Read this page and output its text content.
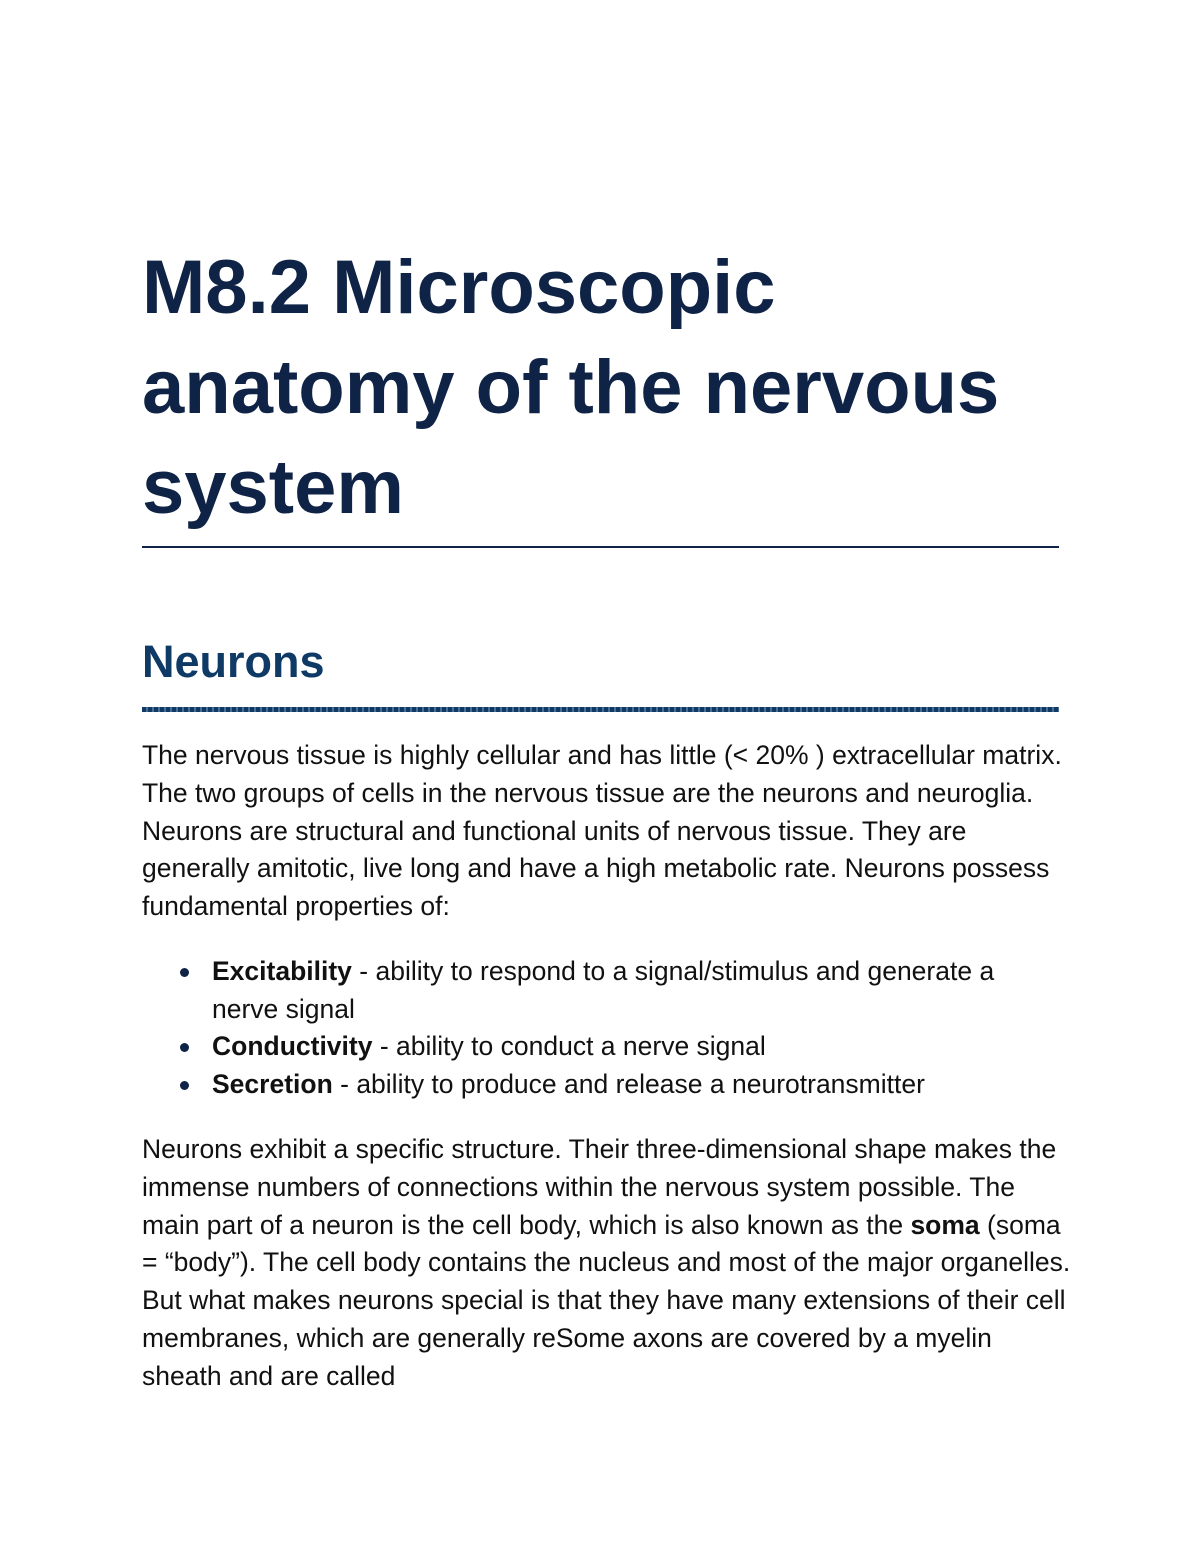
M8.2 Microscopic
anatomy of the nervous
system
Neurons

The nervous tissue is highly cellular and has little (< 20% ) extracellular matrix. The two groups of cells in the nervous tissue are the neurons and neuroglia. Neurons are structural and functional units of nervous tissue. They are generally amitotic, live long and have a high metabolic rate. Neurons possess fundamental properties of:

Excitability - ability to respond to a signal/stimulus and generate a nerve signal
Conductivity - ability to conduct a nerve signal
Secretion - ability to produce and release a neurotransmitter

Neurons exhibit a specific structure. Their three-dimensional shape makes the immense numbers of connections within the nervous system possible. The main part of a neuron is the cell body, which is also known as the soma (soma = “body”). The cell body contains the nucleus and most of the major organelles. But what makes neurons special is that they have many extensions of their cell membranes, which are generally reSome axons are covered by a myelin sheath and are called
